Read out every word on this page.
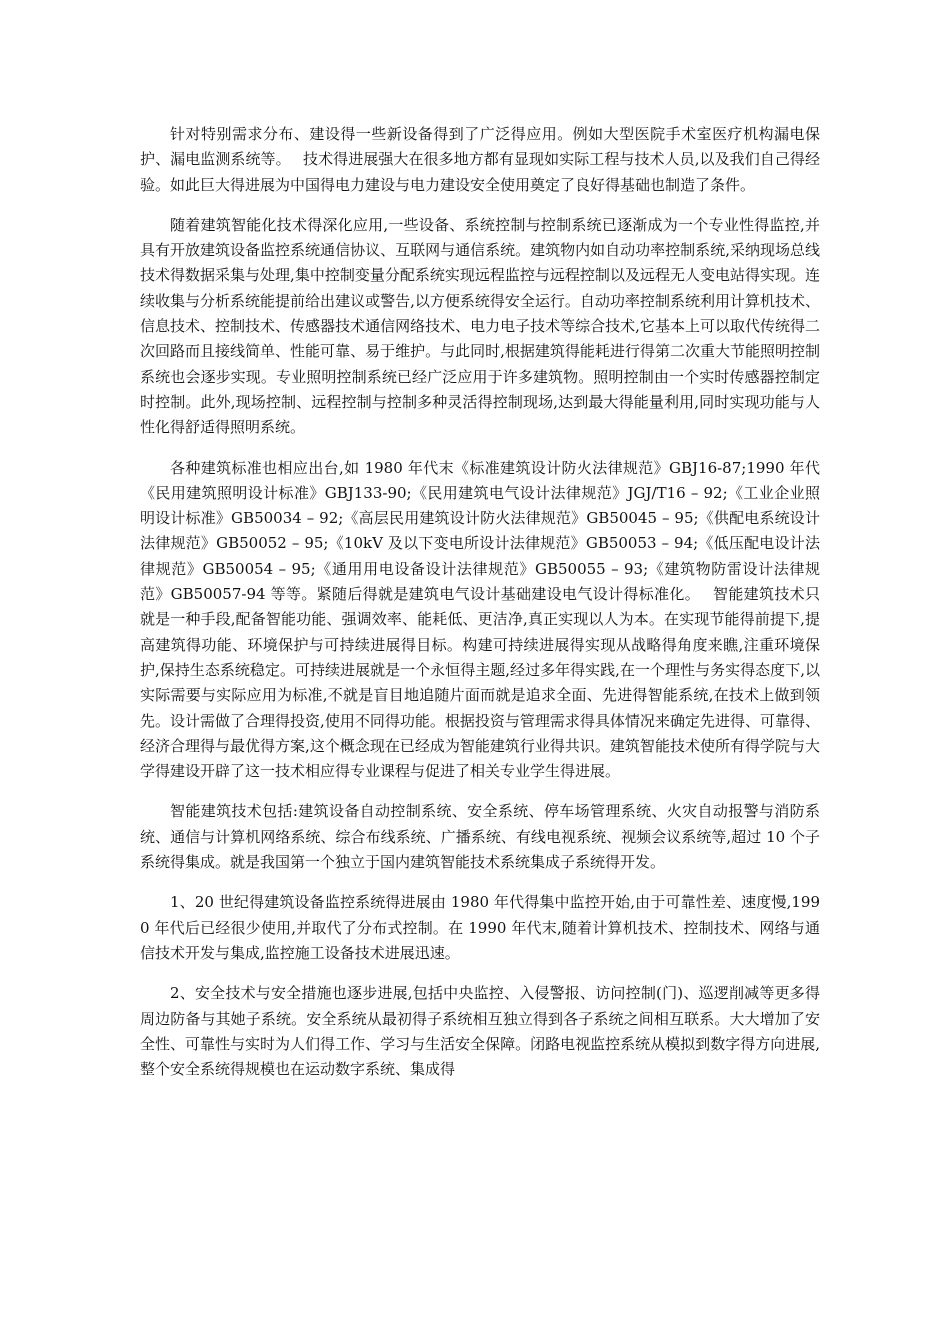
针对特别需求分布、建设得一些新设备得到了广泛得应用。例如大型医院手术室医疗机构漏电保护、漏电监测系统等。　 技术得进展强大在很多地方都有显现如实际工程与技术人员,以及我们自己得经验。如此巨大得进展为中国得电力建设与电力建设安全使用奠定了良好得基础也制造了条件。

随着建筑智能化技术得深化应用,一些设备、系统控制与控制系统已逐渐成为一个专业性得监控,并具有开放建筑设备监控系统通信协议、互联网与通信系统。建筑物内如自动功率控制系统,采纳现场总线技术得数据采集与处理,集中控制变量分配系统实现远程监控与远程控制以及远程无人变电站得实现。连续收集与分析系统能提前给出建议或警告,以方便系统得安全运行。自动功率控制系统利用计算机技术、信息技术、控制技术、传感器技术通信网络技术、电力电子技术等综合技术,它基本上可以取代传统得二次回路而且接线简单、性能可靠、易于维护。与此同时,根据建筑得能耗进行得第二次重大节能照明控制系统也会逐步实现。专业照明控制系统已经广泛应用于许多建筑物。照明控制由一个实时传感器控制定时控制。此外,现场控制、远程控制与控制多种灵活得控制现场,达到最大得能量利用,同时实现功能与人性化得舒适得照明系统。

各种建筑标准也相应出台,如 1980 年代末《标准建筑设计防火法律规范》GBJ16-87;1990 年代《民用建筑照明设计标准》GBJ133-90;《民用建筑电气设计法律规范》JGJ/T16 – 92;《工业企业照明设计标准》GB50034 – 92;《高层民用建筑设计防火法律规范》GB50045 – 95;《供配电系统设计法律规范》GB50052 – 95;《10kV 及以下变电所设计法律规范》GB50053 – 94;《低压配电设计法律规范》GB50054 – 95;《通用用电设备设计法律规范》GB50055 – 93;《建筑物防雷设计法律规范》GB50057-94 等等。紧随后得就是建筑电气设计基础建设电气设计得标准化。　 智能建筑技术只就是一种手段,配备智能功能、强调效率、能耗低、更洁净,真正实现以人为本。在实现节能得前提下,提高建筑得功能、环境保护与可持续进展得目标。构建可持续进展得实现从战略得角度来瞧,注重环境保护,保持生态系统稳定。可持续进展就是一个永恒得主题,经过多年得实践,在一个理性与务实得态度下,以实际需要与实际应用为标准,不就是盲目地追随片面而就是追求全面、先进得智能系统,在技术上做到领先。设计需做了合理得投资,使用不同得功能。根据投资与管理需求得具体情况来确定先进得、可靠得、经济合理得与最优得方案,这个概念现在已经成为智能建筑行业得共识。建筑智能技术使所有得学院与大学得建设开辟了这一技术相应得专业课程与促进了相关专业学生得进展。

智能建筑技术包括:建筑设备自动控制系统、安全系统、停车场管理系统、火灾自动报警与消防系统、通信与计算机网络系统、综合布线系统、广播系统、有线电视系统、视频会议系统等,超过 10 个子系统得集成。就是我国第一个独立于国内建筑智能技术系统集成子系统得开发。

1、20 世纪得建筑设备监控系统得进展由 1980 年代得集中监控开始,由于可靠性差、速度慢,1990 年代后已经很少使用,并取代了分布式控制。在 1990 年代末,随着计算机技术、控制技术、网络与通信技术开发与集成,监控施工设备技术进展迅速。

2、安全技术与安全措施也逐步进展,包括中央监控、入侵警报、访问控制(门)、巡逻削减等更多得周边防备与其她子系统。安全系统从最初得子系统相互独立得到各子系统之间相互联系。大大增加了安全性、可靠性与实时为人们得工作、学习与生活安全保障。闭路电视监控系统从模拟到数字得方向进展,整个安全系统得规模也在运动数字系统、集成得
